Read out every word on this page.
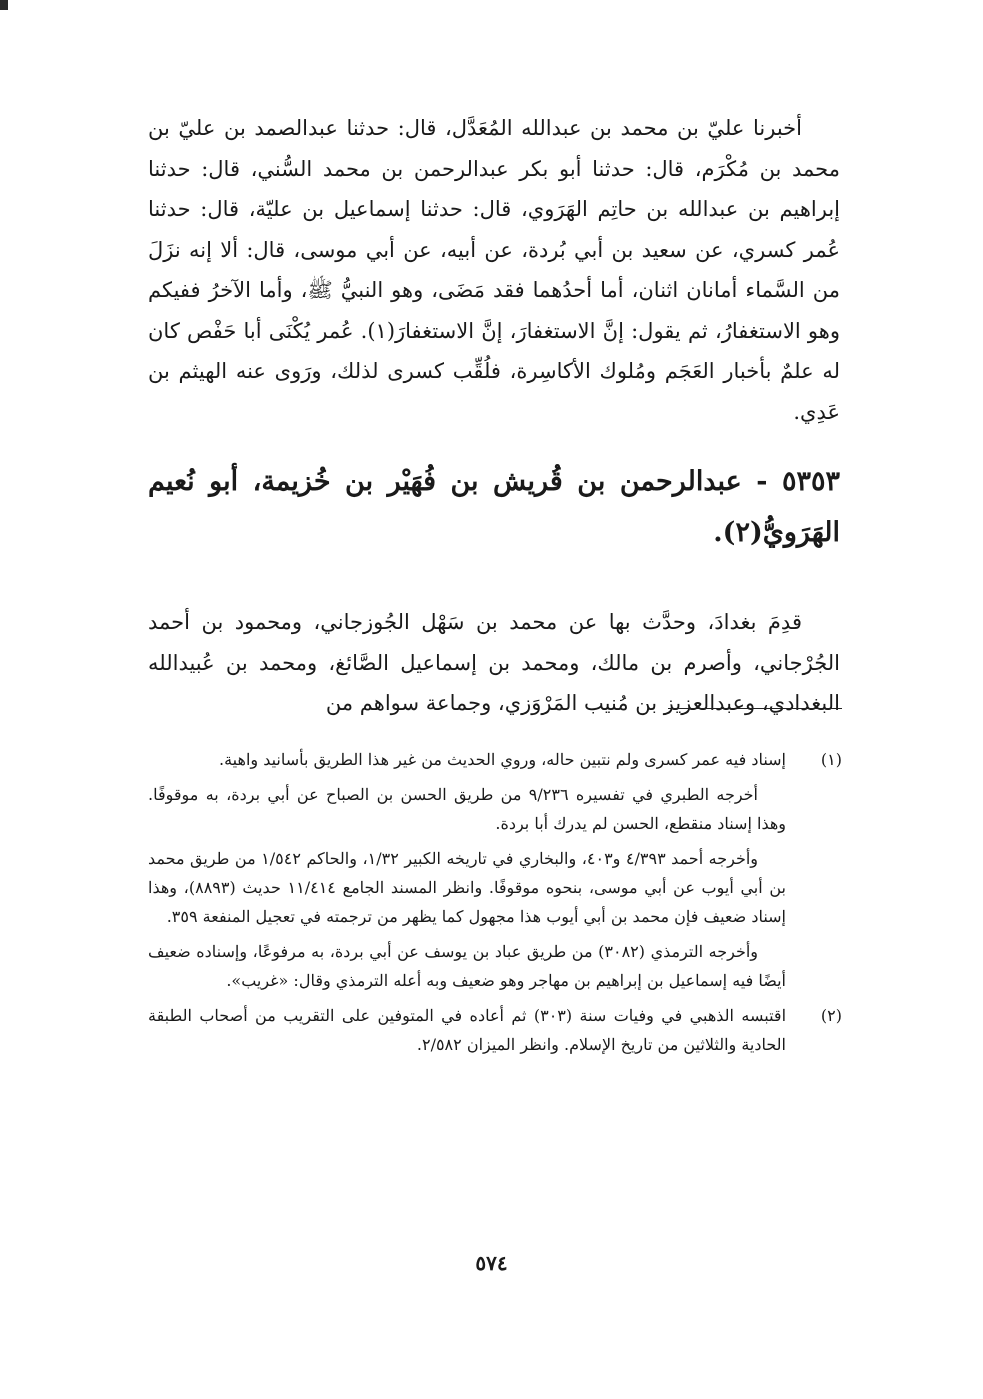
أخبرنا عليّ بن محمد بن عبدالله المُعَدَّل، قال: حدثنا عبدالصمد بن عليّ بن محمد بن مُكْرَم، قال: حدثنا أبو بكر عبدالرحمن بن محمد السُّني، قال: حدثنا إبراهيم بن عبدالله بن حاتِم الهَرَوي، قال: حدثنا إسماعيل بن عليّة، قال: حدثنا عُمر كسري، عن سعيد بن أبي بُردة، عن أبيه، عن أبي موسى، قال: ألا إنه نزَلَ من السَّماء أمانان اثنان، أما أحدُهما فقد مَضَى، وهو النبيُّ ﷺ، وأما الآخرُ ففيكم وهو الاستغفارُ، ثم يقول: إنَّ الاستغفارَ، إنَّ الاستغفارَ(١). عُمر يُكْنَى أبا حَفْص كان له علمٌ بأخبار العَجَم ومُلوك الأكاسِرة، فلُقِّب كسرى لذلك، ورَوى عنه الهيثم بن عَدِي.

٥٣٥٣ - عبدالرحمن بن قُريش بن فُهَيْر بن خُزيمة، أبو نُعيم الهَرَويُّ(٢).

قدِمَ بغدادَ، وحدَّث بها عن محمد بن سَهْل الجُوزجاني، ومحمود بن أحمد الجُرْجاني، وأصرم بن مالك، ومحمد بن إسماعيل الصَّائغ، ومحمد بن عُبيدالله البغدادي، وعبدالعزيز بن مُنيب المَرْوَزي، وجماعة سواهم من

(١)
إسناد فيه عمر كسرى ولم نتبين حاله، وروي الحديث من غير هذا الطريق بأسانيد واهية.

أخرجه الطبري في تفسيره ٩/٢٣٦ من طريق الحسن بن الصباح عن أبي بردة، به موقوفًا. وهذا إسناد منقطع، الحسن لم يدرك أبا بردة.

وأخرجه أحمد ٤/٣٩٣ و٤٠٣، والبخاري في تاريخه الكبير ١/٣٢، والحاكم ١/٥٤٢ من طريق محمد بن أبي أيوب عن أبي موسى، بنحوه موقوفًا. وانظر المسند الجامع ١١/٤١٤ حديث (٨٨٩٣)، وهذا إسناد ضعيف فإن محمد بن أبي أيوب هذا مجهول كما يظهر من ترجمته في تعجيل المنفعة ٣٥٩.

وأخرجه الترمذي (٣٠٨٢) من طريق عباد بن يوسف عن أبي بردة، به مرفوعًا، وإسناده ضعيف أيضًا فيه إسماعيل بن إبراهيم بن مهاجر وهو ضعيف وبه أعله الترمذي وقال: «غريب».

(٢)
اقتبسه الذهبي في وفيات سنة (٣٠٣) ثم أعاده في المتوفين على التقريب من أصحاب الطبقة الحادية والثلاثين من تاريخ الإسلام. وانظر الميزان ٢/٥٨٢.
٥٧٤
